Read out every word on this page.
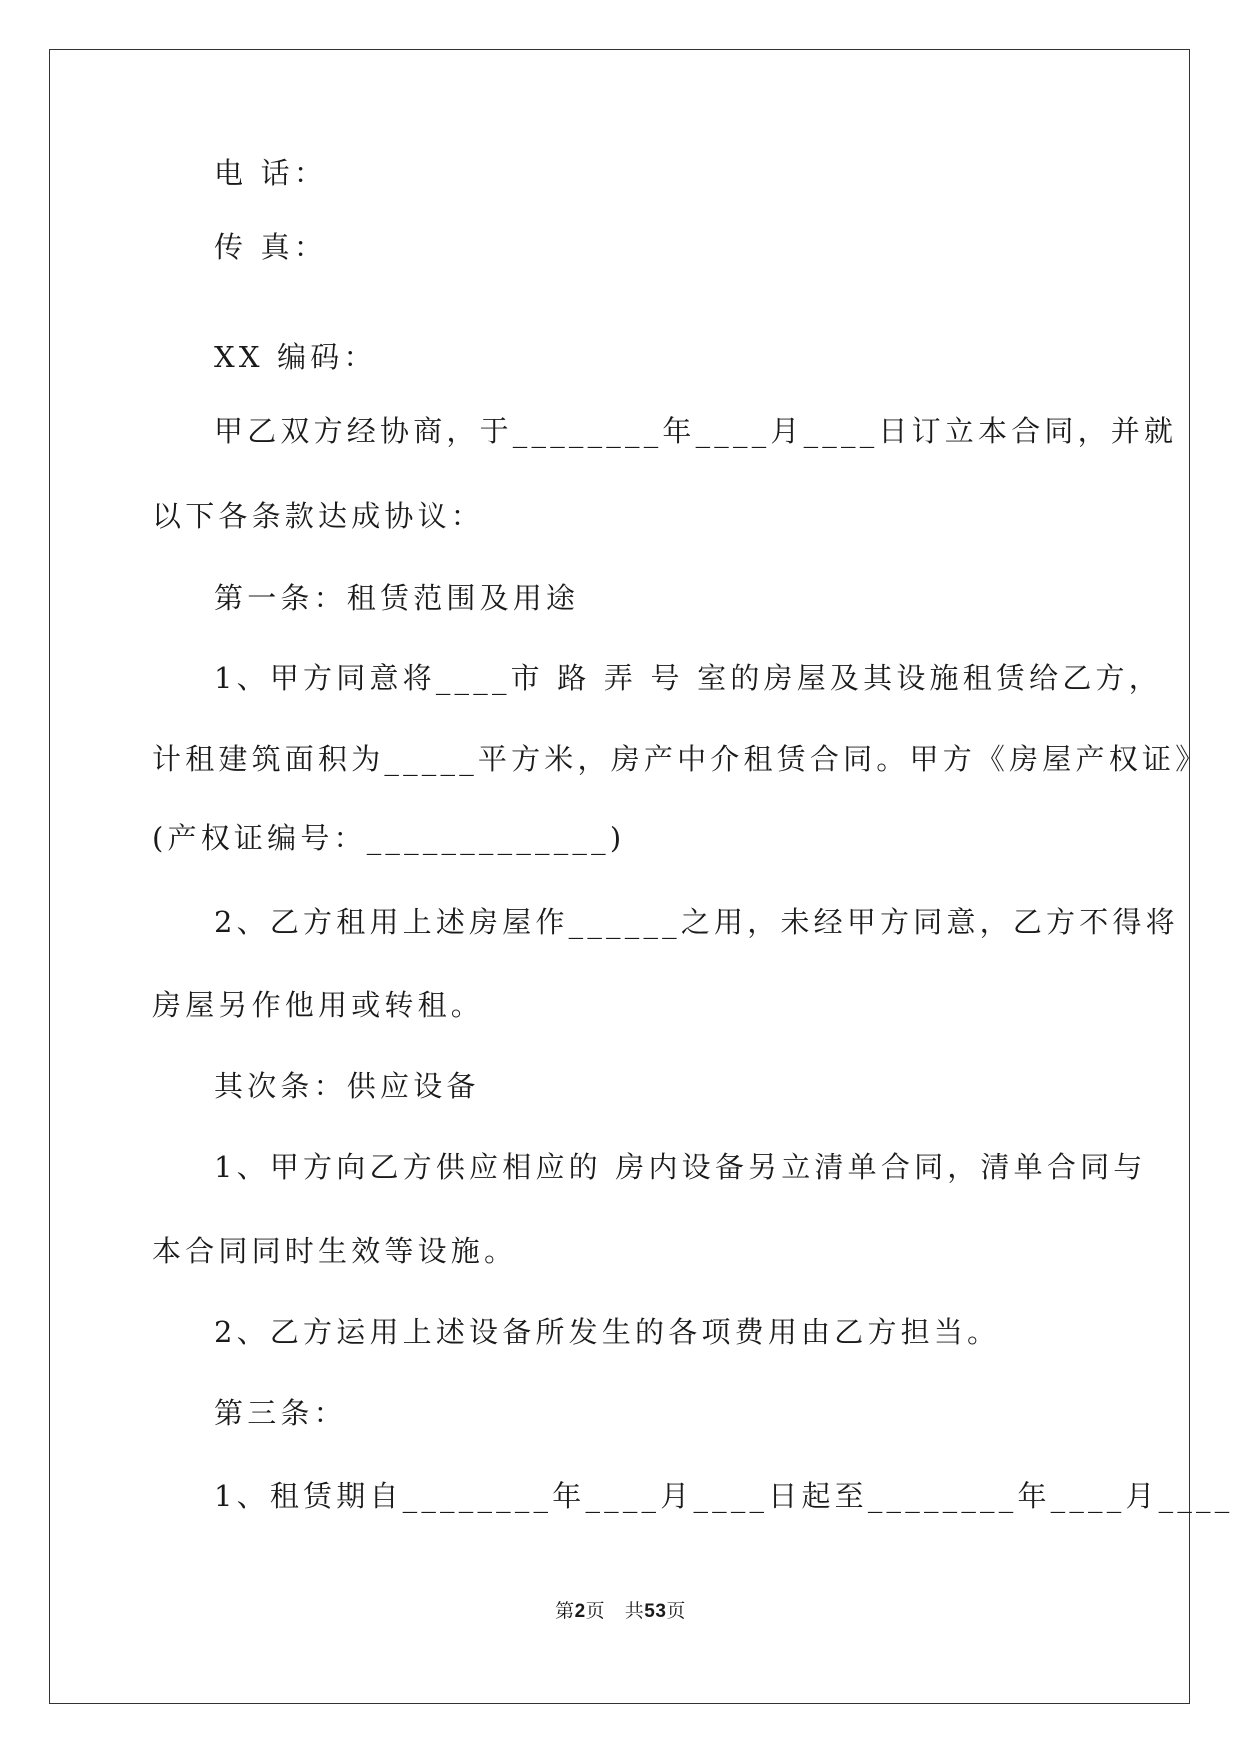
电 话：
传 真：
XX 编码：
甲乙双方经协商，于________年____月____日订立本合同，并就
以下各条款达成协议：
第一条：租赁范围及用途
1、甲方同意将____市 路 弄 号 室的房屋及其设施租赁给乙方，
计租建筑面积为_____平方米，房产中介租赁合同。甲方《房屋产权证》
(产权证编号：_____________)
2、乙方租用上述房屋作______之用，未经甲方同意，乙方不得将
房屋另作他用或转租。
其次条：供应设备
1、甲方向乙方供应相应的 房内设备另立清单合同，清单合同与
本合同同时生效等设施。
2、乙方运用上述设备所发生的各项费用由乙方担当。
第三条：
1、租赁期自________年____月____日起至________年____月____
第2页   共53页
